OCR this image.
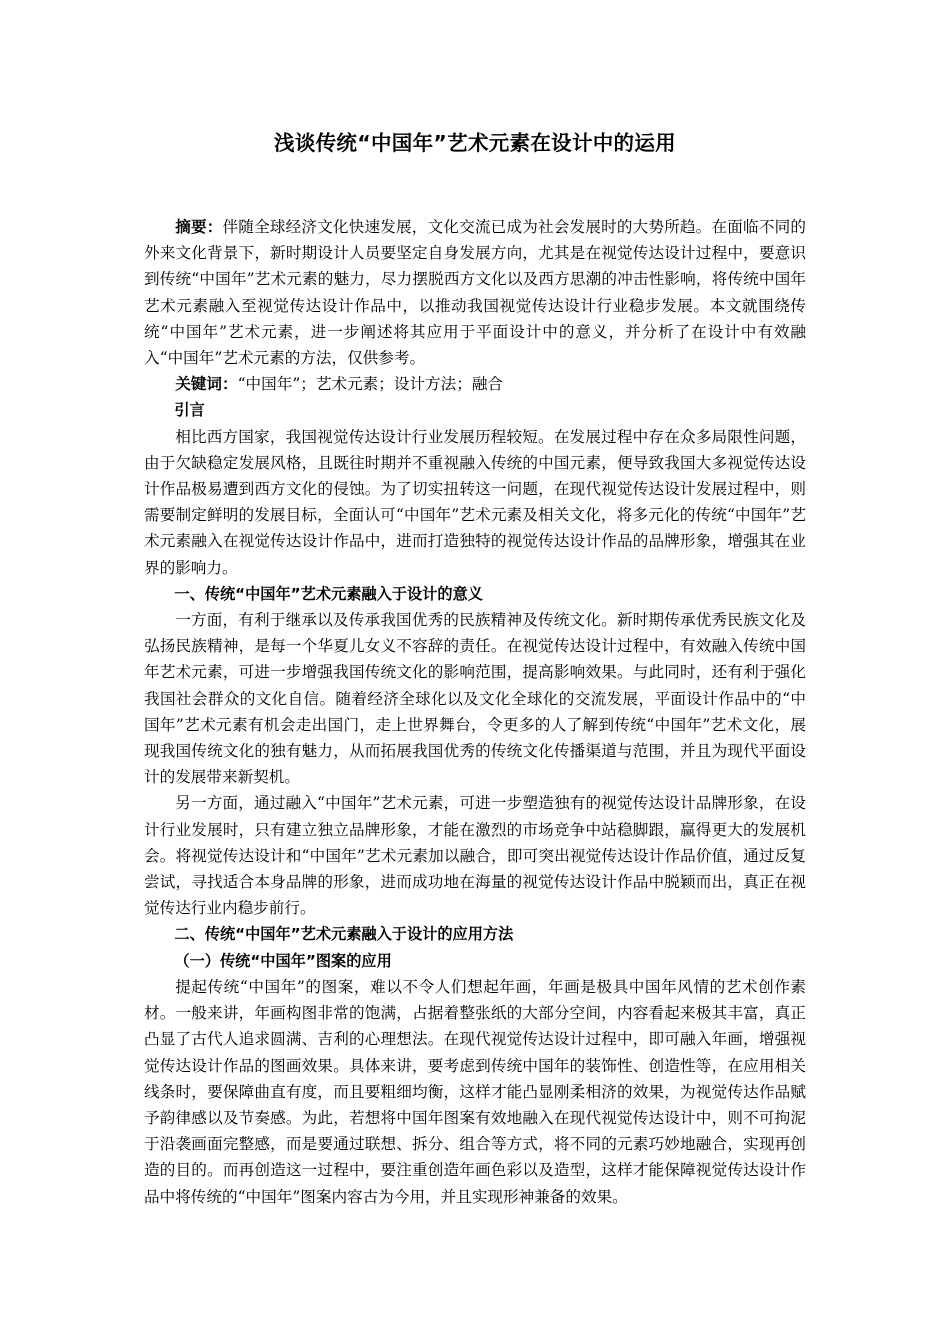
浅谈传统“中国年”艺术元素在设计中的运用

摘要：伴随全球经济文化快速发展，文化交流已成为社会发展时的大势所趋。在面临不同的外来文化背景下，新时期设计人员要坚定自身发展方向，尤其是在视觉传达设计过程中，要意识到传统“中国年”艺术元素的魅力，尽力摆脱西方文化以及西方思潮的冲击性影响，将传统中国年艺术元素融入至视觉传达设计作品中，以推动我国视觉传达设计行业稳步发展。本文就围绕传统“中国年”艺术元素，进一步阐述将其应用于平面设计中的意义，并分析了在设计中有效融入“中国年”艺术元素的方法，仅供参考。

关键词：“中国年”；艺术元素；设计方法；融合

引言

相比西方国家，我国视觉传达设计行业发展历程较短。在发展过程中存在众多局限性问题，由于欠缺稳定发展风格，且既往时期并不重视融入传统的中国元素，便导致我国大多视觉传达设计作品极易遭到西方文化的侵蚀。为了切实扭转这一问题，在现代视觉传达设计发展过程中，则需要制定鲜明的发展目标，全面认可“中国年”艺术元素及相关文化，将多元化的传统“中国年”艺术元素融入在视觉传达设计作品中，进而打造独特的视觉传达设计作品的品牌形象，增强其在业界的影响力。

一、传统“中国年”艺术元素融入于设计的意义

一方面，有利于继承以及传承我国优秀的民族精神及传统文化。新时期传承优秀民族文化及弘扬民族精神，是每一个华夏儿女义不容辞的责任。在视觉传达设计过程中，有效融入传统中国年艺术元素，可进一步增强我国传统文化的影响范围，提高影响效果。与此同时，还有利于强化我国社会群众的文化自信。随着经济全球化以及文化全球化的交流发展，平面设计作品中的“中国年”艺术元素有机会走出国门，走上世界舞台，令更多的人了解到传统“中国年”艺术文化，展现我国传统文化的独有魅力，从而拓展我国优秀的传统文化传播渠道与范围，并且为现代平面设计的发展带来新契机。

另一方面，通过融入“中国年”艺术元素，可进一步塑造独有的视觉传达设计品牌形象，在设计行业发展时，只有建立独立品牌形象，才能在激烈的市场竞争中站稳脚跟，赢得更大的发展机会。将视觉传达设计和“中国年”艺术元素加以融合，即可突出视觉传达设计作品价值，通过反复尝试，寻找适合本身品牌的形象，进而成功地在海量的视觉传达设计作品中脱颖而出，真正在视觉传达行业内稳步前行。

二、传统“中国年”艺术元素融入于设计的应用方法

（一）传统“中国年”图案的应用

提起传统“中国年”的图案，难以不令人们想起年画，年画是极具中国年风情的艺术创作素材。一般来讲，年画构图非常的饱满，占据着整张纸的大部分空间，内容看起来极其丰富，真正凸显了古代人追求圆满、吉利的心理想法。在现代视觉传达设计过程中，即可融入年画，增强视觉传达设计作品的图画效果。具体来讲，要考虑到传统中国年的装饰性、创造性等，在应用相关线条时，要保障曲直有度，而且要粗细均衡，这样才能凸显刚柔相济的效果，为视觉传达作品赋予韵律感以及节奏感。为此，若想将中国年图案有效地融入在现代视觉传达设计中，则不可拘泥于沿袭画面完整感，而是要通过联想、拆分、组合等方式，将不同的元素巧妙地融合，实现再创造的目的。而再创造这一过程中，要注重创造年画色彩以及造型，这样才能保障视觉传达设计作品中将传统的“中国年”图案内容古为今用，并且实现形神兼备的效果。
